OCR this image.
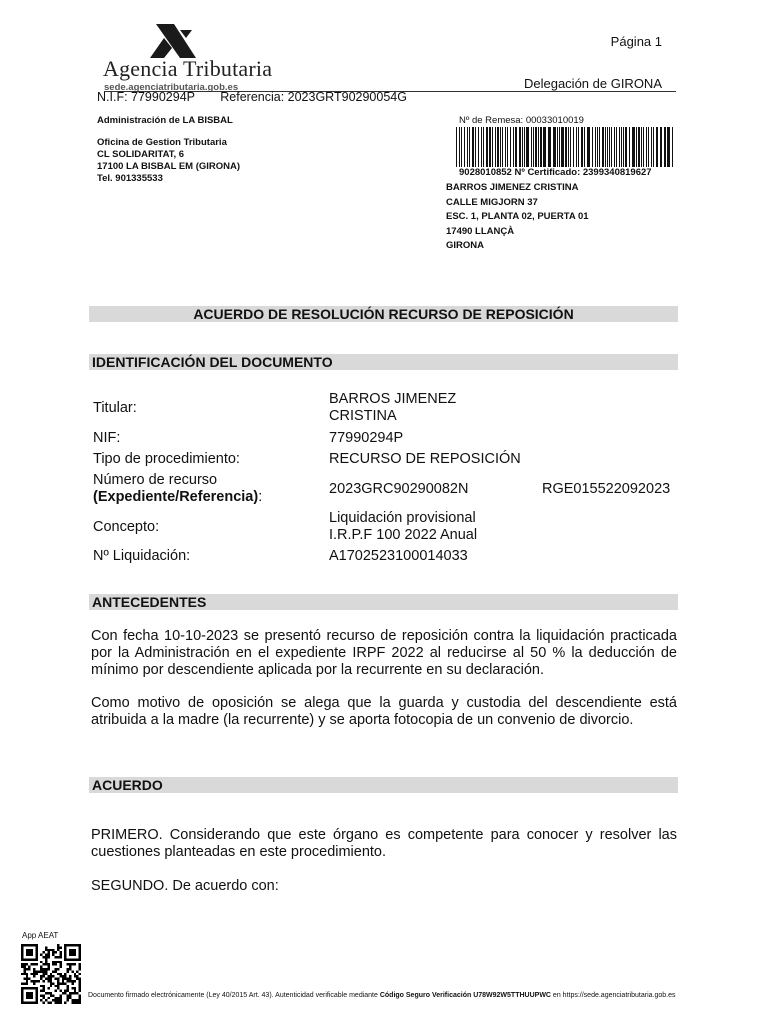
Agencia Tributaria
sede.agenciatributaria.gob.es
Página 1
Delegación de GIRONA
N.I.F: 77990294P Referencia: 2023GRT90290054G
Administración de LA BISBAL
Oficina de Gestion Tributaria
CL SOLIDARITAT, 6
17100 LA BISBAL EM (GIRONA)
Tel. 901335533
Nº de Remesa: 00033010019
9028010852 Nº Certificado: 2399340819627
BARROS JIMENEZ CRISTINA
CALLE MIGJORN 37
ESC. 1, PLANTA 02, PUERTA 01
17490 LLANÇÀ
GIRONA
ACUERDO DE RESOLUCIÓN RECURSO DE REPOSICIÓN
IDENTIFICACIÓN DEL DOCUMENTO
Titular:	BARROS JIMENEZ
CRISTINA	

NIF:	77990294P	
Tipo de procedimiento:	RECURSO DE REPOSICIÓN	

Número de recurso
(Expediente/Referencia):	2023GRC90290082N	RGE015522092023
Concepto:	Liquidación provisional
I.R.P.F 100 2022 Anual	

Nº Liquidación:	A1702523100014033	
ANTECEDENTES
Con fecha 10-10-2023 se presentó recurso de reposición contra la liquidación practicada por la Administración en el expediente IRPF 2022 al reducirse al 50 % la deducción de mínimo por descendiente aplicada por la recurrente en su declaración.
Como motivo de oposición se alega que la guarda y custodia del descendiente está atribuida a la madre (la recurrente) y se aporta fotocopia de un convenio de divorcio.
ACUERDO
PRIMERO. Considerando que este órgano es competente para conocer y resolver las cuestiones planteadas en este procedimiento.
SEGUNDO. De acuerdo con:
App AEAT
Documento firmado electrónicamente (Ley 40/2015 Art. 43). Autenticidad verificable mediante Código Seguro Verificación U78W92W5TTHUUPWC en https://sede.agenciatributaria.gob.es
